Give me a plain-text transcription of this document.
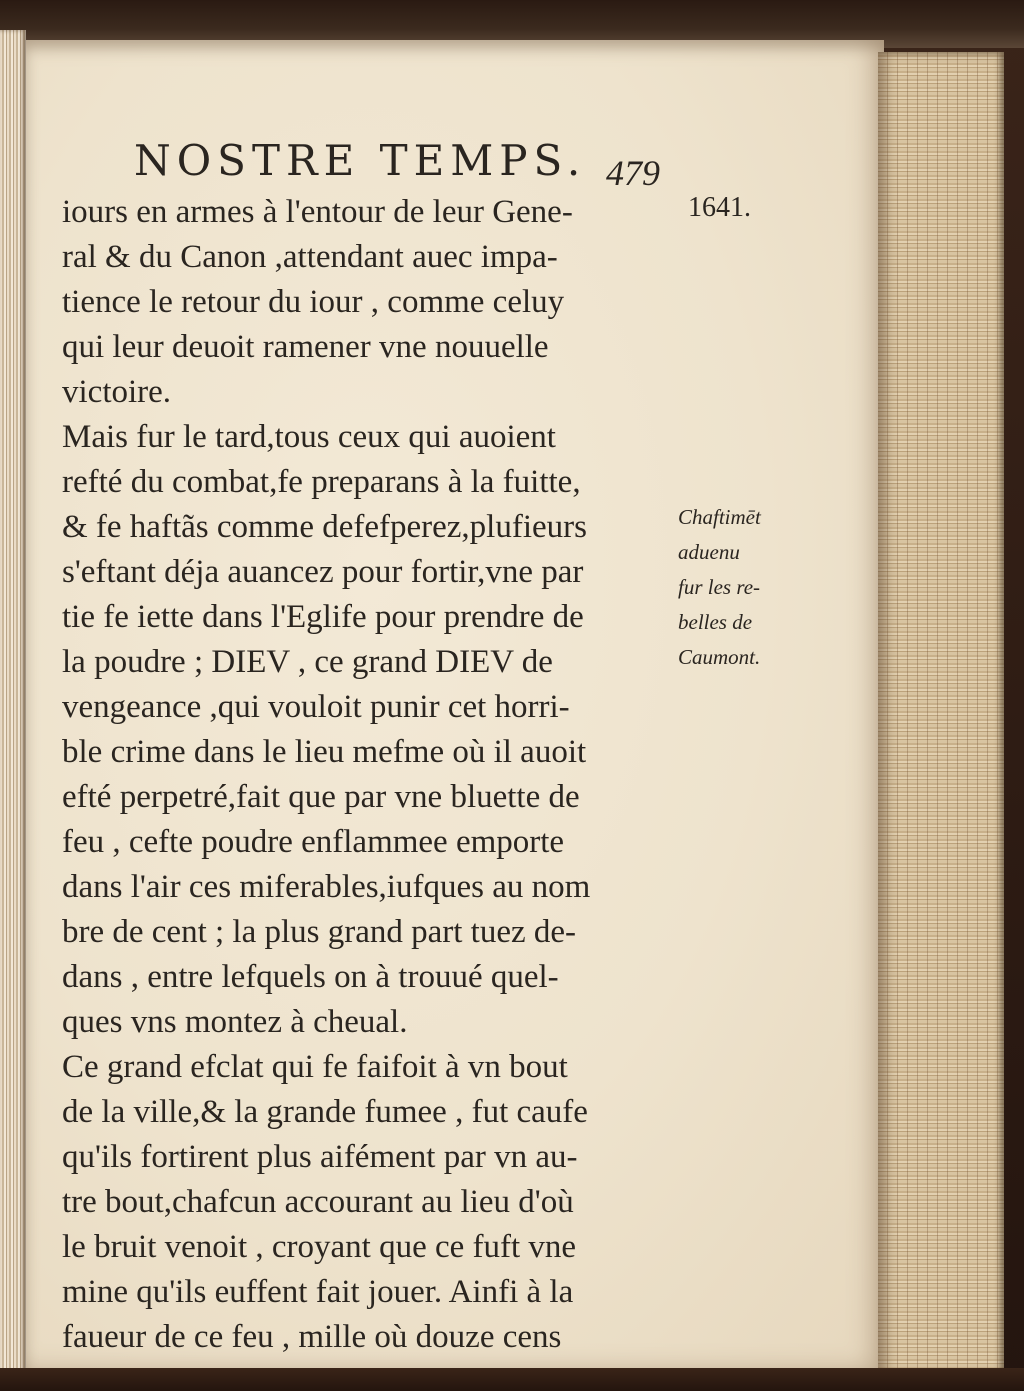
NOSTRE TEMPS. 479
iours en armes à l'entour de leur Gene-
ral & du Canon ,attendant auec impa-
tience le retour du iour , comme celuy
qui leur deuoit ramener vne nouuelle
victoire.
Mais fur le tard,tous ceux qui auoient
refté du combat,fe preparans à la fuitte,
& fe haftãs comme defefperez,plufieurs
s'eftant déja auancez pour fortir,vne par
tie fe iette dans l'Eglife pour prendre de
la poudre ; DIEV , ce grand DIEV de
vengeance ,qui vouloit punir cet horri-
ble crime dans le lieu mefme où il auoit
efté perpetré,fait que par vne bluette de
feu , cefte poudre enflammee emporte
dans l'air ces miferables,iufques au nom
bre de cent ; la plus grand part tuez de-
dans , entre lefquels on à trouué quel-
ques vns montez à cheual.
Ce grand efclat qui fe faifoit à vn bout
de la ville,& la grande fumee , fut caufe
qu'ils fortirent plus aifément par vn au-
tre bout,chafcun accourant au lieu d'où
le bruit venoit , croyant que ce fuft vne
mine qu'ils euffent fait jouer. Ainfi à la
faueur de ce feu , mille où douze cens
1641.
Chaftimēt
aduenu
fur les re-
belles de
Caumont.
